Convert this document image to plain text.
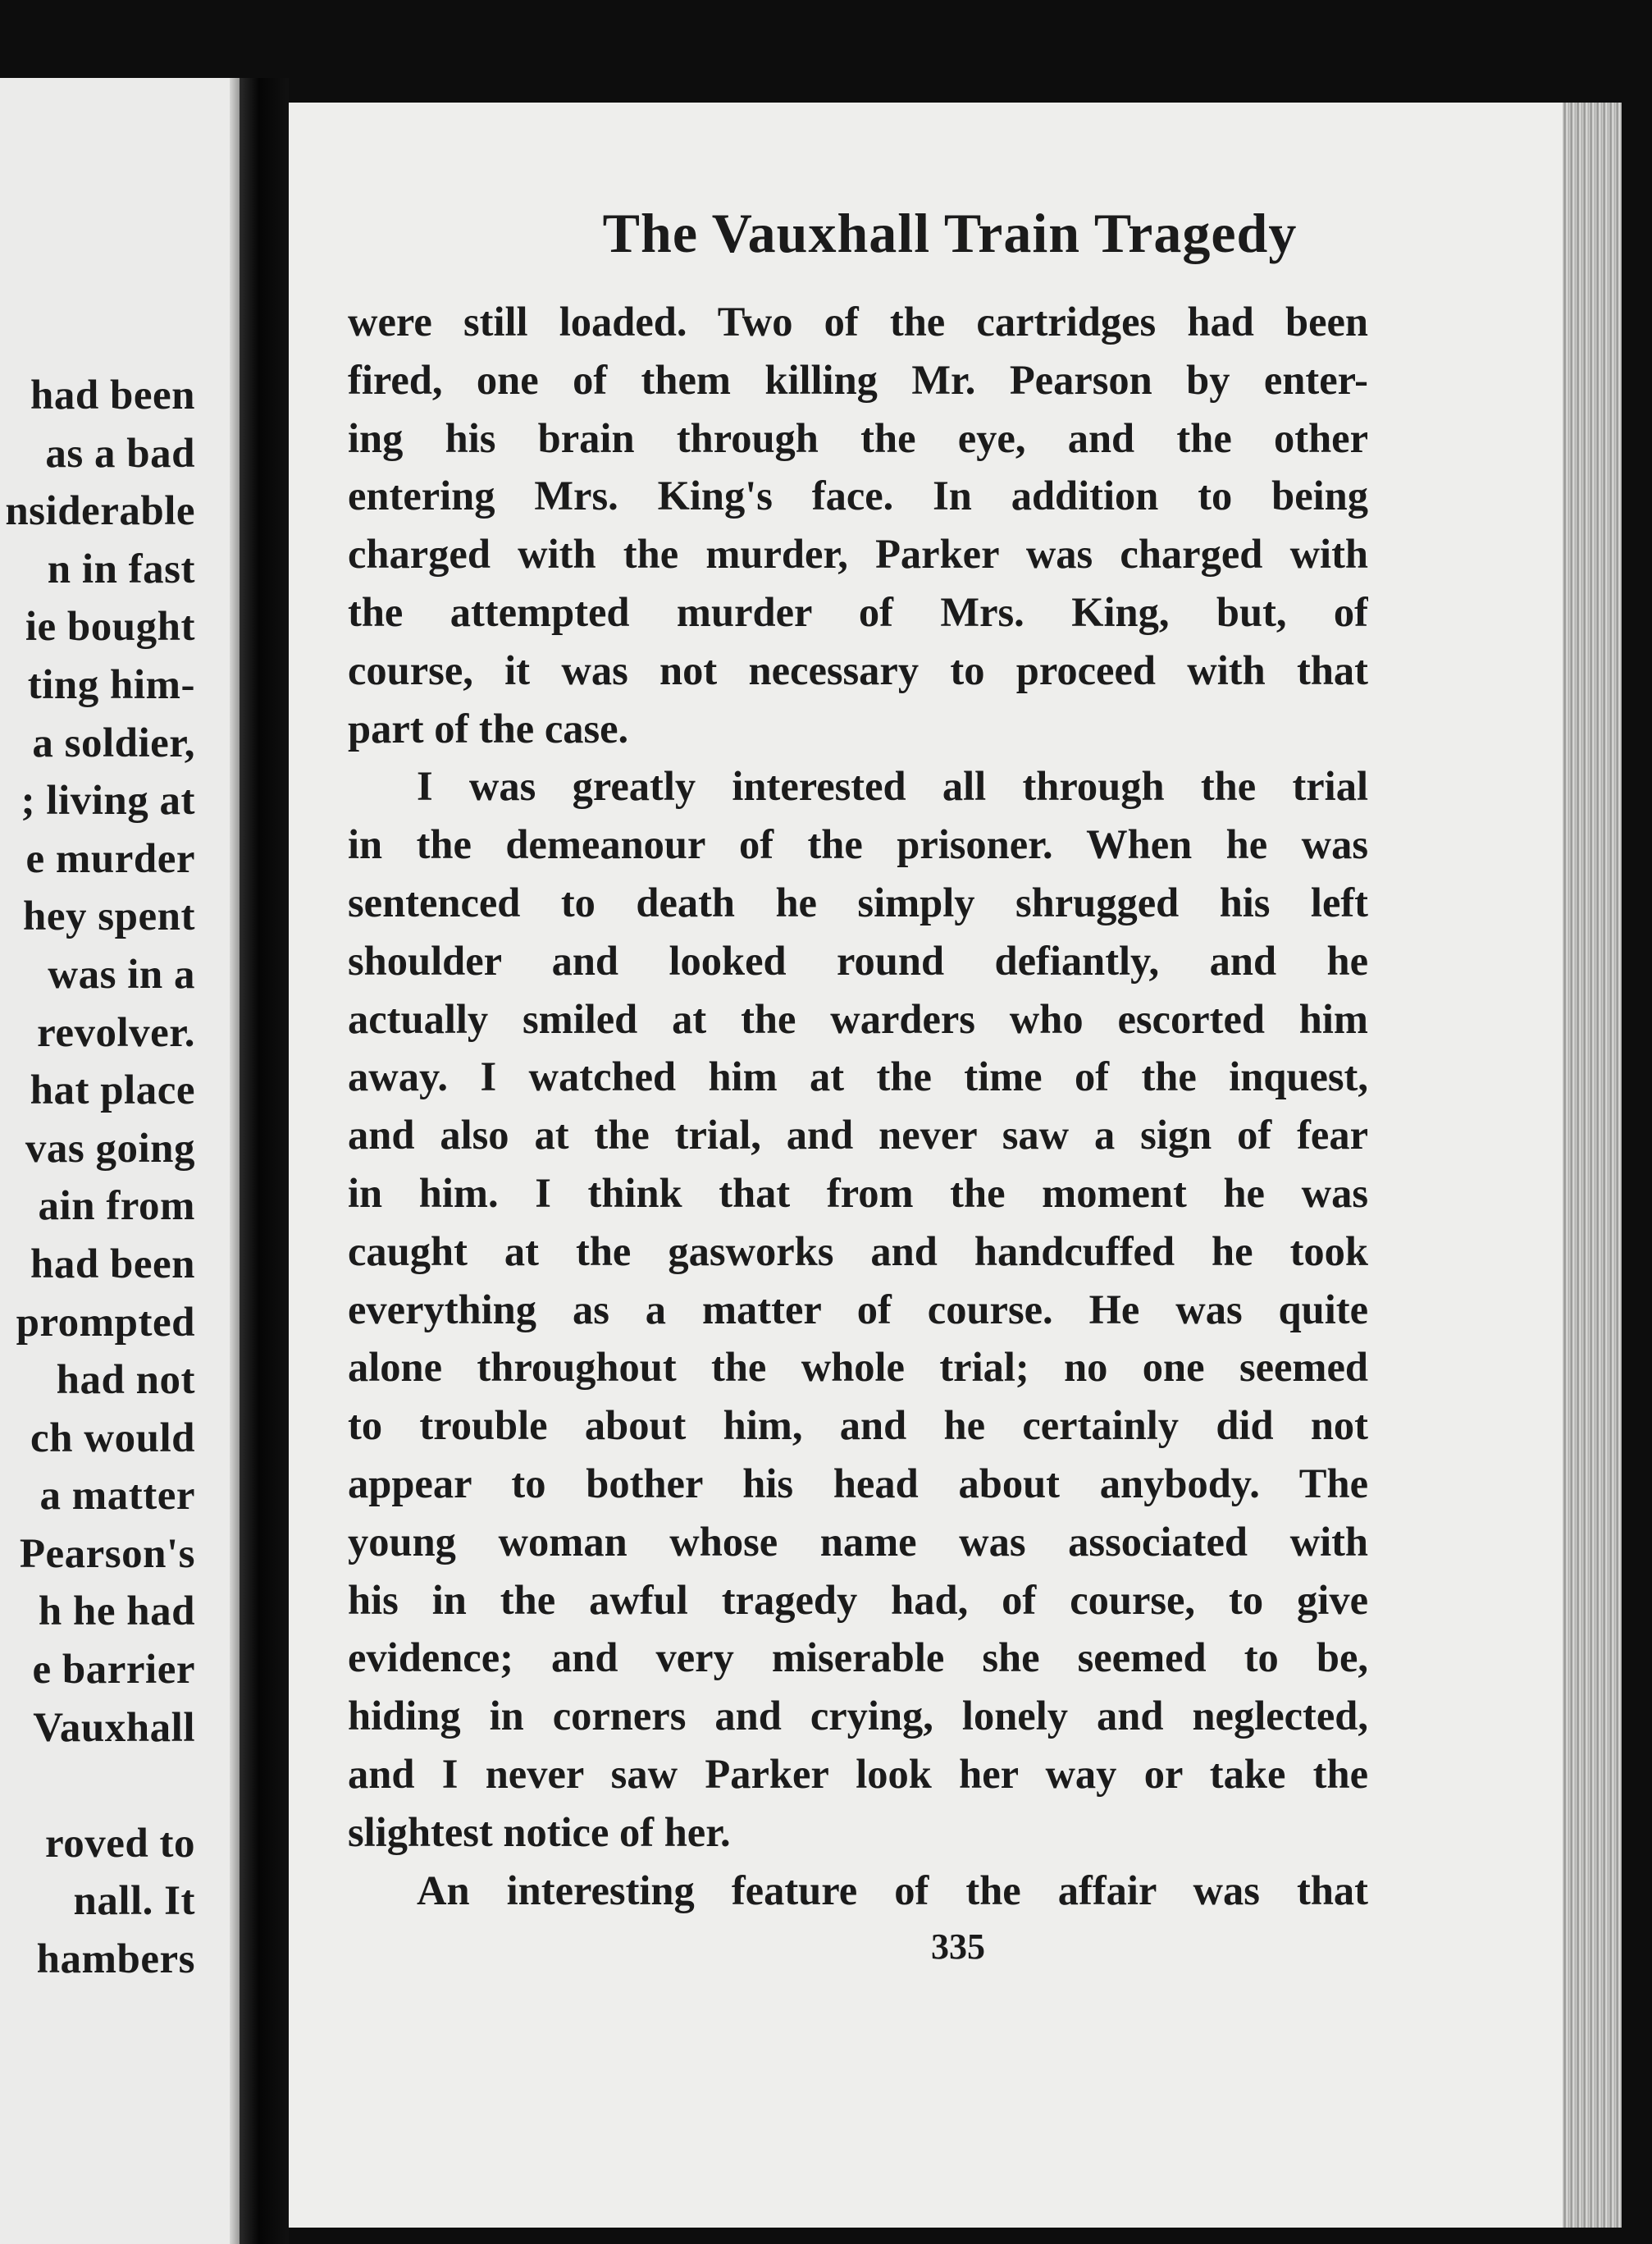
had been
as a bad
nsiderable
n in fast
ie bought
ting him-
a soldier,
; living at
e murder
hey spent
was in a
revolver.
hat place
vas going
ain from
had been
prompted
had not
ch would
a matter
Pearson's
h he had
e barrier
Vauxhall
roved to
nall. It
hambers
The Vauxhall Train Tragedy
were still loaded. Two of the cartridges had been
fired, one of them killing Mr. Pearson by enter-
ing his brain through the eye, and the other
entering Mrs. King's face. In addition to being
charged with the murder, Parker was charged with
the attempted murder of Mrs. King, but, of
course, it was not necessary to proceed with that
part of the case.
I was greatly interested all through the trial
in the demeanour of the prisoner. When he was
sentenced to death he simply shrugged his left
shoulder and looked round defiantly, and he
actually smiled at the warders who escorted him
away. I watched him at the time of the inquest,
and also at the trial, and never saw a sign of fear
in him. I think that from the moment he was
caught at the gasworks and handcuffed he took
everything as a matter of course. He was quite
alone throughout the whole trial; no one seemed
to trouble about him, and he certainly did not
appear to bother his head about anybody. The
young woman whose name was associated with
his in the awful tragedy had, of course, to give
evidence; and very miserable she seemed to be,
hiding in corners and crying, lonely and neglected,
and I never saw Parker look her way or take the
slightest notice of her.
An interesting feature of the affair was that
335
